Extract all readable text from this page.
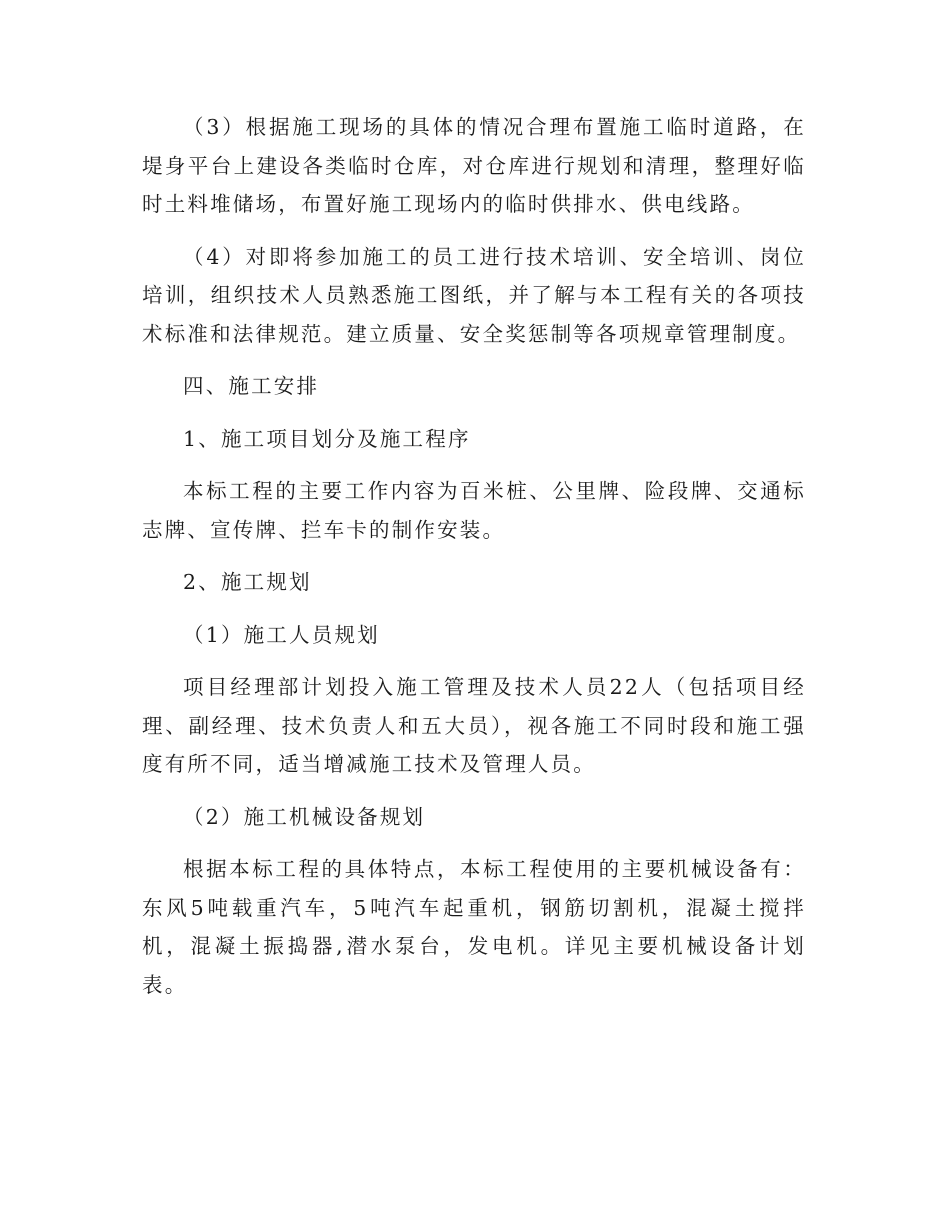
（3）根据施工现场的具体的情况合理布置施工临时道路，在堤身平台上建设各类临时仓库，对仓库进行规划和清理，整理好临时土料堆储场，布置好施工现场内的临时供排水、供电线路。

（4）对即将参加施工的员工进行技术培训、安全培训、岗位培训，组织技术人员熟悉施工图纸，并了解与本工程有关的各项技术标准和法律规范。建立质量、安全奖惩制等各项规章管理制度。

四、施工安排

1、施工项目划分及施工程序

本标工程的主要工作内容为百米桩、公里牌、险段牌、交通标志牌、宣传牌、拦车卡的制作安装。

2、施工规划

（1）施工人员规划

项目经理部计划投入施工管理及技术人员22人（包括项目经理、副经理、技术负责人和五大员），视各施工不同时段和施工强度有所不同，适当增减施工技术及管理人员。

（2）施工机械设备规划

根据本标工程的具体特点，本标工程使用的主要机械设备有：东风5吨载重汽车，5吨汽车起重机，钢筋切割机，混凝土搅拌机，混凝土振捣器,潜水泵台，发电机。详见主要机械设备计划表。
